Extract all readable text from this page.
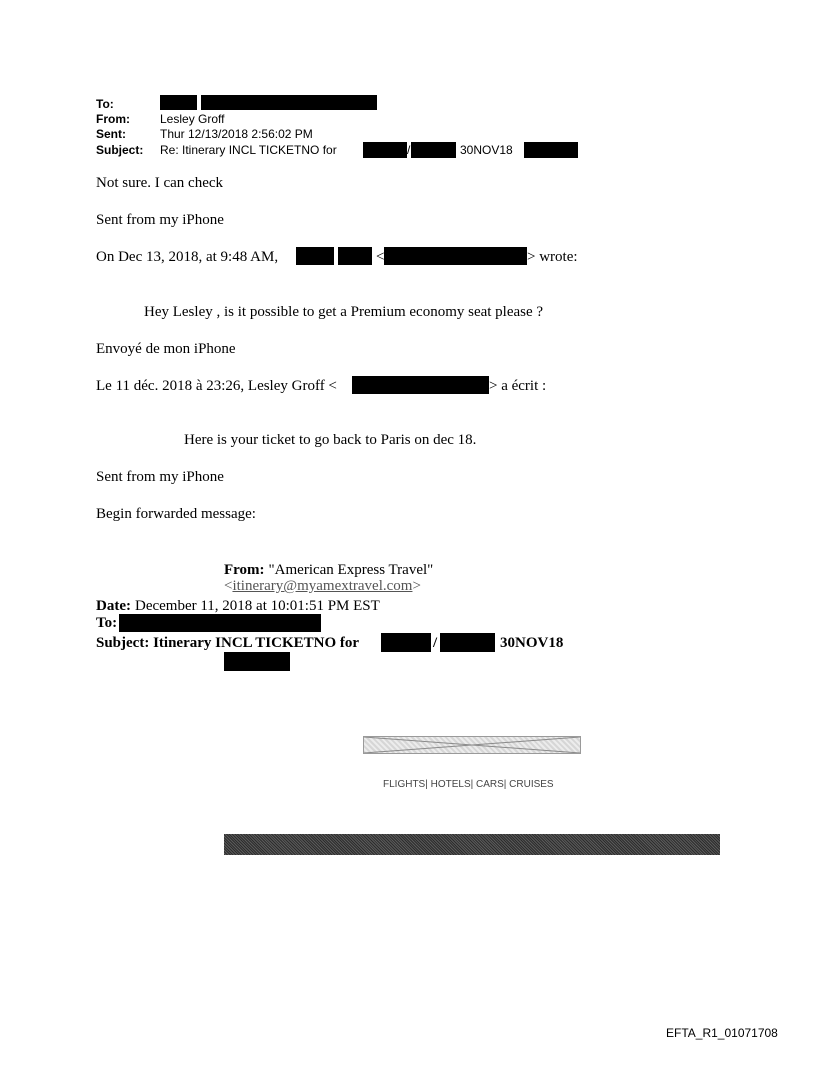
To:
From:	Lesley Groff
Sent:	Thur 12/13/2018 2:56:02 PM
Subject: Re: Itinerary INCL TICKETNO for	/	30NOV18
Not sure. I can check
Sent from my iPhone
On Dec 13, 2018, at 9:48 AM,	<	> wrote:
Hey Lesley , is it possible to get a Premium economy seat please ?
Envoyé de mon iPhone
Le 11 déc. 2018 à 23:26, Lesley Groff <	> a écrit :
Here is your ticket to go back to Paris on dec 18.
Sent from my iPhone
Begin forwarded message:
From: "American Express Travel"
<itinerary@myamextravel.com>
Date: December 11, 2018 at 10:01:51 PM EST
To:
Subject: Itinerary INCL TICKETNO for	/	30NOV18
FLIGHTS| HOTELS| CARS| CRUISES
EFTA_R1_01071708
